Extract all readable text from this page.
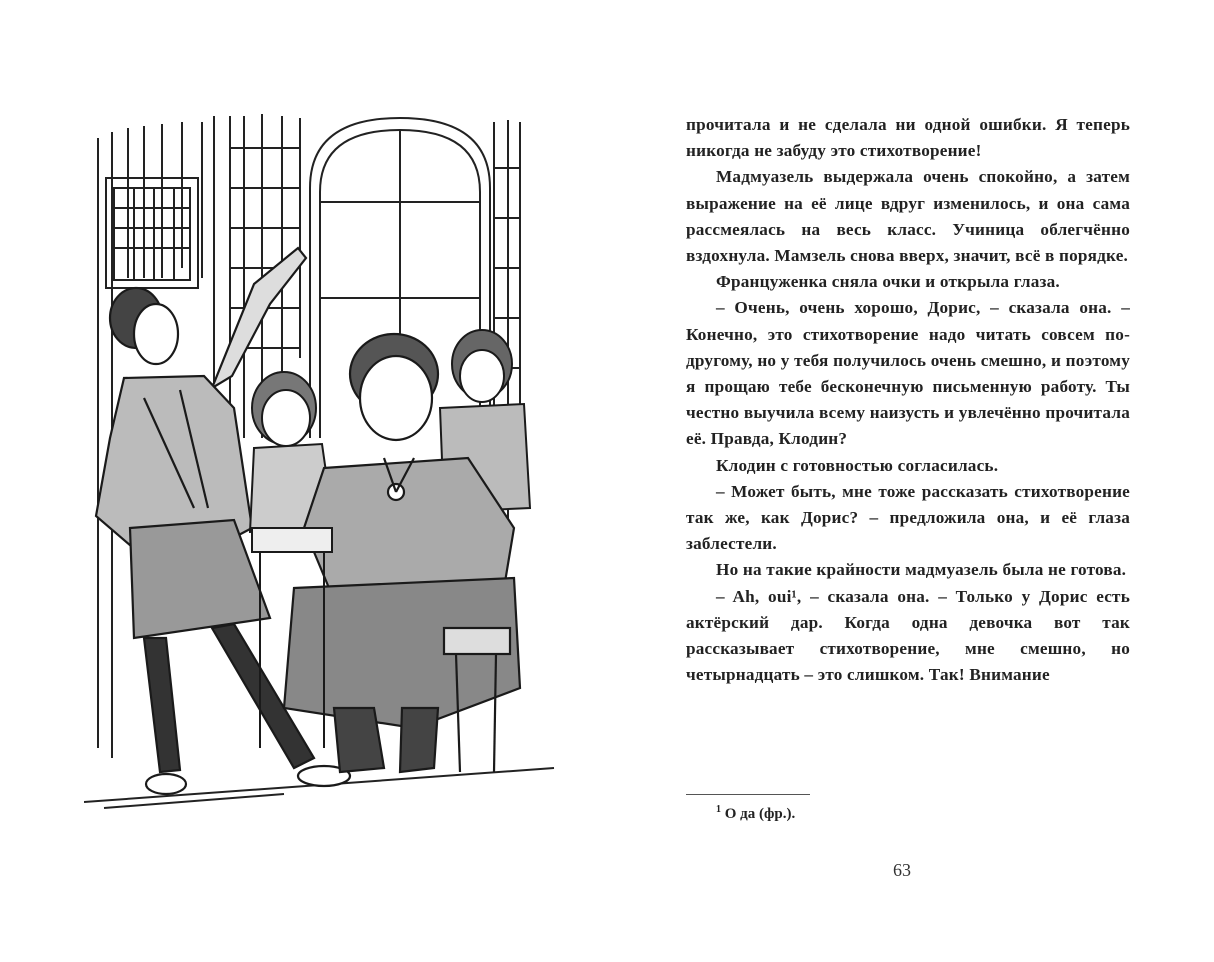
прочитала и не сделала ни одной ошибки. Я теперь никогда не забуду это стихотворение!

Мадмуазель выдержала очень спокойно, а затем выражение на её лице вдруг изменилось, и она сама рассмеялась на весь класс. Учиница облегчённо вздохнула. Мамзель снова вверх, значит, всё в порядке.

Француженка сняла очки и открыла глаза.

– Очень, очень хорошо, Дорис, – сказала она. – Конечно, это стихотворение надо читать совсем по-другому, но у тебя получилось очень смешно, и поэтому я прощаю тебе бесконечную письменную работу. Ты честно выучила всему наизусть и увлечённо прочитала её. Правда, Клодин?

Клодин с готовностью согласилась.

– Может быть, мне тоже рассказать стихотворение так же, как Дорис? – предложила она, и её глаза заблестели.

Но на такие крайности мадмуазель была не готова.

– Ah, oui¹, – сказала она. – Только у Дорис есть актёрский дар. Когда одна девочка вот так рассказывает стихотворение, мне смешно, но четырнадцать – это слишком. Так! Внимание

$^1$ О да (фр.).
63
